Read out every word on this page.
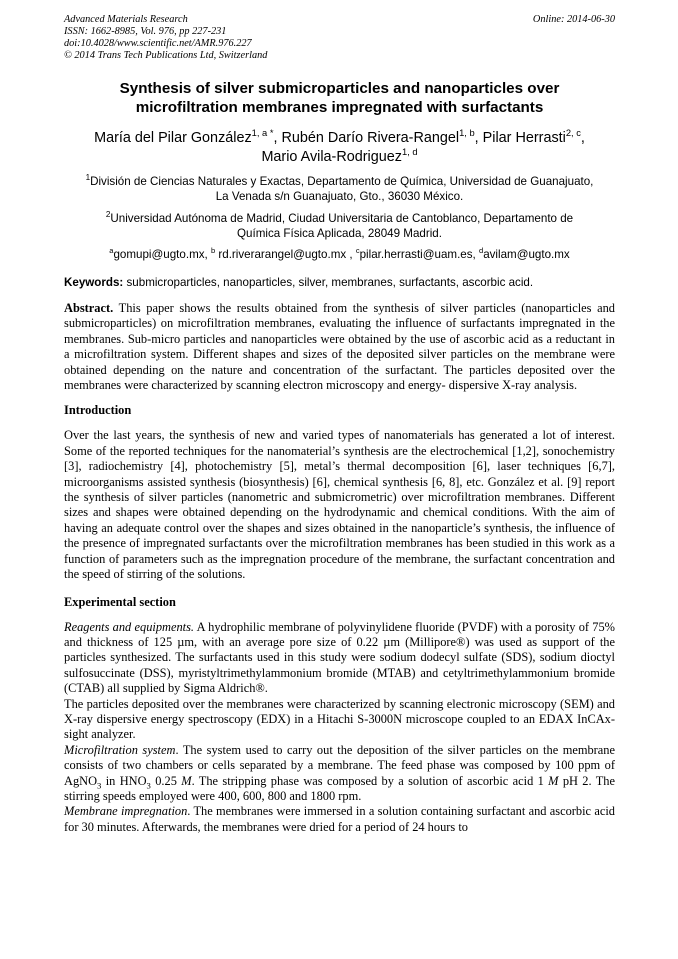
Advanced Materials Research
ISSN: 1662-8985, Vol. 976, pp 227-231
doi:10.4028/www.scientific.net/AMR.976.227
© 2014 Trans Tech Publications Ltd, Switzerland
Online: 2014-06-30
Synthesis of silver submicroparticles and nanoparticles over
microfiltration membranes impregnated with surfactants
María del Pilar González$^{1, a *}$, Rubén Darío Rivera-Rangel$^{1, b}$, Pilar Herrasti$^{2, c}$,
Mario Avila-Rodriguez$^{1, d}$
$^1$División de Ciencias Naturales y Exactas, Departamento de Química, Universidad de Guanajuato,
La Venada s/n Guanajuato, Gto., 36030 México.
$^2$Universidad Autónoma de Madrid, Ciudad Universitaria de Cantoblanco, Departamento de
Química Física Aplicada, 28049 Madrid.
$^a$gomupi@ugto.mx, $^b$ rd.riverarangel@ugto.mx , $^c$pilar.herrasti@uam.es, $^d$avilam@ugto.mx
Keywords: submicroparticles, nanoparticles, silver, membranes, surfactants, ascorbic acid.

Abstract. This paper shows the results obtained from the synthesis of silver particles (nanoparticles and submicroparticles) on microfiltration membranes, evaluating the influence of surfactants impregnated in the membranes. Sub-micro particles and nanoparticles were obtained by the use of ascorbic acid as a reductant in a microfiltration system. Different shapes and sizes of the deposited silver particles on the membrane were obtained depending on the nature and concentration of the surfactant. The particles deposited over the membranes were characterized by scanning electron microscopy and energy- dispersive X-ray analysis.

Introduction

Over the last years, the synthesis of new and varied types of nanomaterials has generated a lot of interest. Some of the reported techniques for the nanomaterial’s synthesis are the electrochemical [1,2], sonochemistry [3], radiochemistry [4], photochemistry [5], metal’s thermal decomposition [6], laser techniques [6,7], microorganisms assisted synthesis (biosynthesis) [6], chemical synthesis [6, 8], etc. González et al. [9] report the synthesis of silver particles (nanometric and submicrometric) over microfiltration membranes. Different sizes and shapes were obtained depending on the hydrodynamic and chemical conditions. With the aim of having an adequate control over the shapes and sizes obtained in the nanoparticle’s synthesis, the influence of the presence of impregnated surfactants over the microfiltration membranes has been studied in this work as a function of parameters such as the impregnation procedure of the membrane, the surfactant concentration and the speed of stirring of the solutions.

Experimental section

Reagents and equipments. A hydrophilic membrane of polyvinylidene fluoride (PVDF) with a porosity of 75% and thickness of 125 µm, with an average pore size of 0.22 µm (Millipore®) was used as support of the particles synthesized. The surfactants used in this study were sodium dodecyl sulfate (SDS), sodium dioctyl sulfosuccinate (DSS), myristyltrimethylammonium bromide (MTAB) and cetyltrimethylammonium bromide (CTAB) all supplied by Sigma Aldrich®.

The particles deposited over the membranes were characterized by scanning electronic microscopy (SEM) and X-ray dispersive energy spectroscopy (EDX) in a Hitachi S-3000N microscope coupled to an EDAX InCAx-sight analyzer.

Microfiltration system. The system used to carry out the deposition of the silver particles on the membrane consists of two chambers or cells separated by a membrane. The feed phase was composed by 100 ppm of AgNO$_3$ in $HNO_3$ 0.25 M. The stripping phase was composed by a solution of ascorbic acid 1 M pH 2. The stirring speeds employed were 400, 600, 800 and 1800 rpm.

Membrane impregnation. The membranes were immersed in a solution containing surfactant and ascorbic acid for 30 minutes. Afterwards, the membranes were dried for a period of 24 hours to
